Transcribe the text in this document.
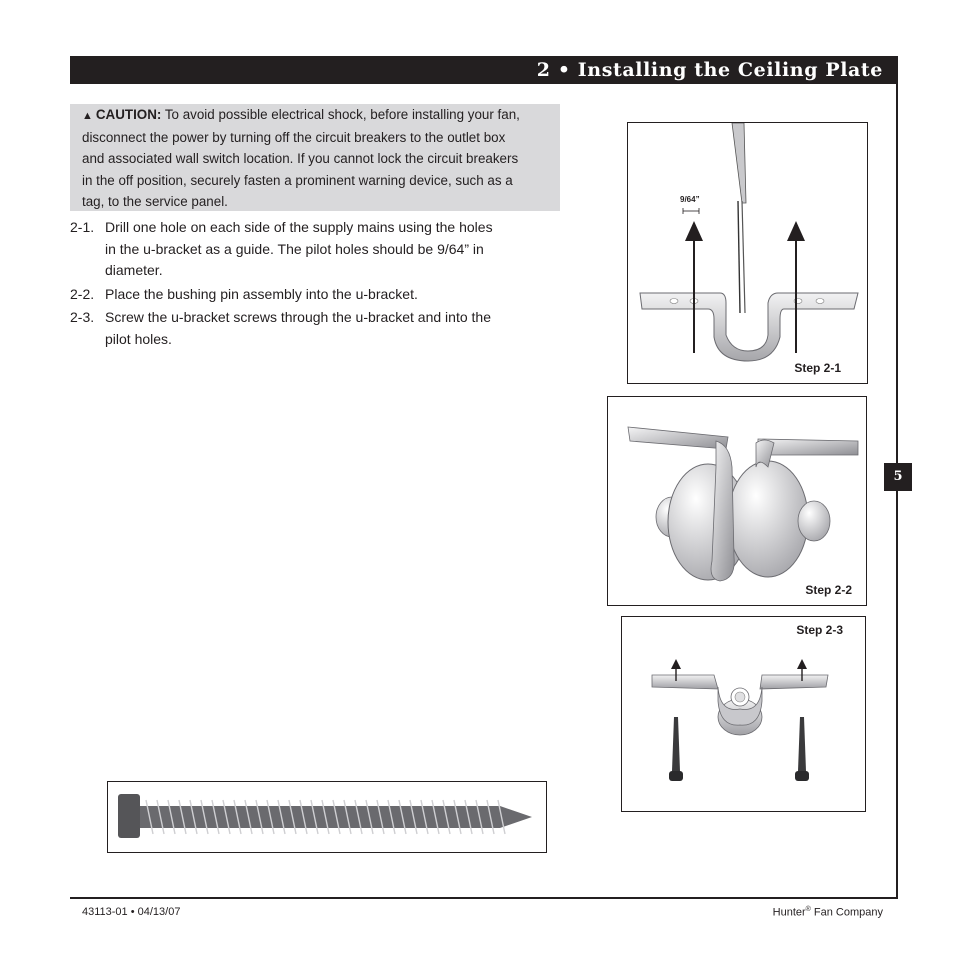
2 • Installing the Ceiling Plate
5
▲ CAUTION: To avoid possible electrical shock, before installing your fan,
disconnect the power by turning off the circuit breakers to the outlet box
and associated wall switch location. If you cannot lock the circuit breakers
in the off position, securely fasten a prominent warning device, such as a
tag, to the service panel.
2-1. Drill one hole on each side of the supply mains using the holes
in the u-bracket as a guide. The pilot holes should be 9/64” in
diameter.
2-2. Place the bushing pin assembly into the u-bracket.
2-3. Screw the u-bracket screws through the u-bracket and into the
pilot holes.
9/64”
Step 2-1
Step 2-2
Step 2-3
43113-01 • 04/13/07	Hunter® Fan Company
